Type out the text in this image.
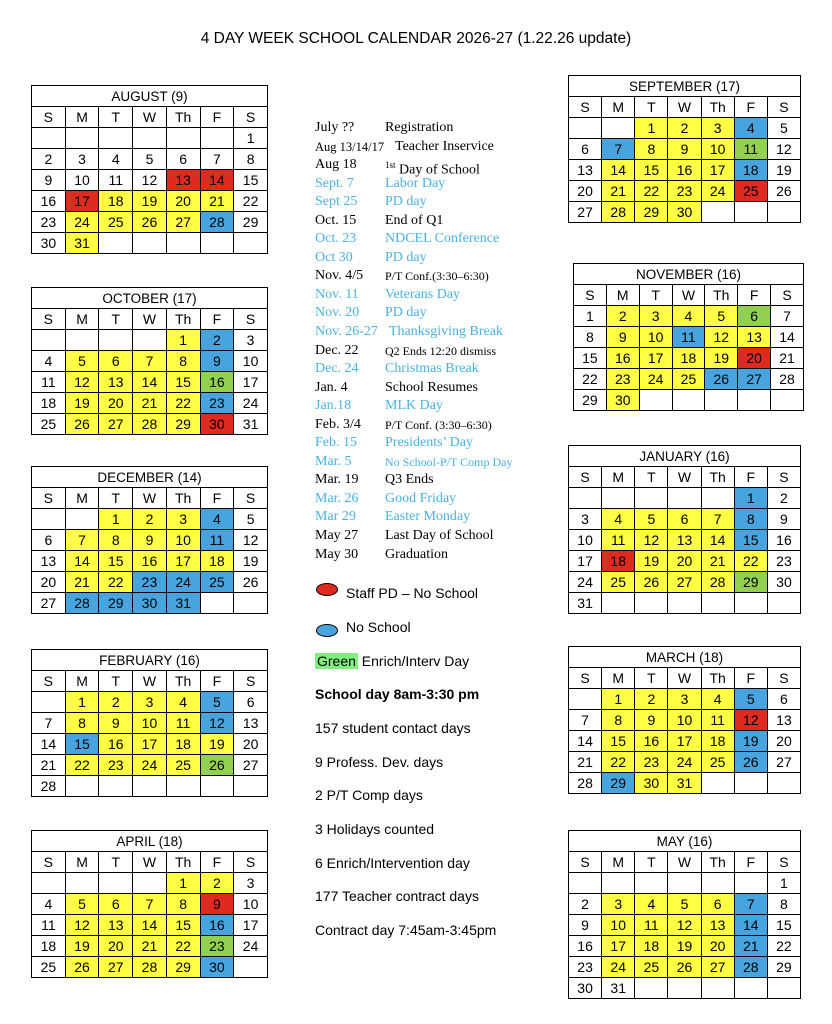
4 DAY WEEK SCHOOL CALENDAR 2026-27 (1.22.26 update)
AUGUST (9)						
S	M	T	W	Th	F	S
						1
2	3	4	5	6	7	8
9	10	11	12	13	14	15
16	17	18	19	20	21	22
23	24	25	26	27	28	29
30	31					
OCTOBER (17)						
S	M	T	W	Th	F	S
				1	2	3
4	5	6	7	8	9	10
11	12	13	14	15	16	17
18	19	20	21	22	23	24
25	26	27	28	29	30	31
DECEMBER (14)						
S	M	T	W	Th	F	S
		1	2	3	4	5
6	7	8	9	10	11	12
13	14	15	16	17	18	19
20	21	22	23	24	25	26
27	28	29	30	31		
FEBRUARY (16)						
S	M	T	W	Th	F	S
	1	2	3	4	5	6
7	8	9	10	11	12	13
14	15	16	17	18	19	20
21	22	23	24	25	26	27
28						
APRIL (18)						
S	M	T	W	Th	F	S
				1	2	3
4	5	6	7	8	9	10
11	12	13	14	15	16	17
18	19	20	21	22	23	24
25	26	27	28	29	30	
SEPTEMBER (17)						
S	M	T	W	Th	F	S
		1	2	3	4	5
6	7	8	9	10	11	12
13	14	15	16	17	18	19
20	21	22	23	24	25	26
27	28	29	30			
NOVEMBER (16)						
S	M	T	W	Th	F	S
1	2	3	4	5	6	7
8	9	10	11	12	13	14
15	16	17	18	19	20	21
22	23	24	25	26	27	28
29	30					
JANUARY (16)						
S	M	T	W	Th	F	S
					1	2
3	4	5	6	7	8	9
10	11	12	13	14	15	16
17	18	19	20	21	22	23
24	25	26	27	28	29	30
31						
MARCH (18)						
S	M	T	W	Th	F	S
	1	2	3	4	5	6
7	8	9	10	11	12	13
14	15	16	17	18	19	20
21	22	23	24	25	26	27
28	29	30	31			
MAY (16)						
S	M	T	W	Th	F	S
						1
2	3	4	5	6	7	8
9	10	11	12	13	14	15
16	17	18	19	20	21	22
23	24	25	26	27	28	29
30	31					
July ?? Registration
Aug 13/14/17 Teacher Inservice
Aug 18	$^{1st}$ Day of School
Sept. 7 Labor Day
Sept 25 PD day
Oct. 15 End of Q1
Oct. 23 NDCEL Conference
Oct 30 PD day
Nov. 4/5 P/T Conf.(3:30–6:30)
Nov. 11 Veterans Day
Nov. 20 PD day
Nov. 26-27 Thanksgiving Break
Dec. 22 Q2 Ends 12:20 dismiss
Dec. 24 Christmas Break
Jan. 4	School Resumes
Jan.18 MLK Day
Feb. 3/4 P/T Conf. (3:30–6:30)
Feb. 15 Presidents’ Day
Mar. 5	No School-P/T Comp Day
Mar. 19 Q3 Ends
Mar. 26 Good Friday
Mar 29 Easter Monday
May 27 Last Day of School
May 30 Graduation
Staff PD – No School
No School
Green Enrich/Interv Day
School day 8am-3:30 pm
157 student contact days
9 Profess. Dev. days
2 P/T Comp days
3 Holidays counted
6 Enrich/Intervention day
177 Teacher contract days
Contract day 7:45am-3:45pm
